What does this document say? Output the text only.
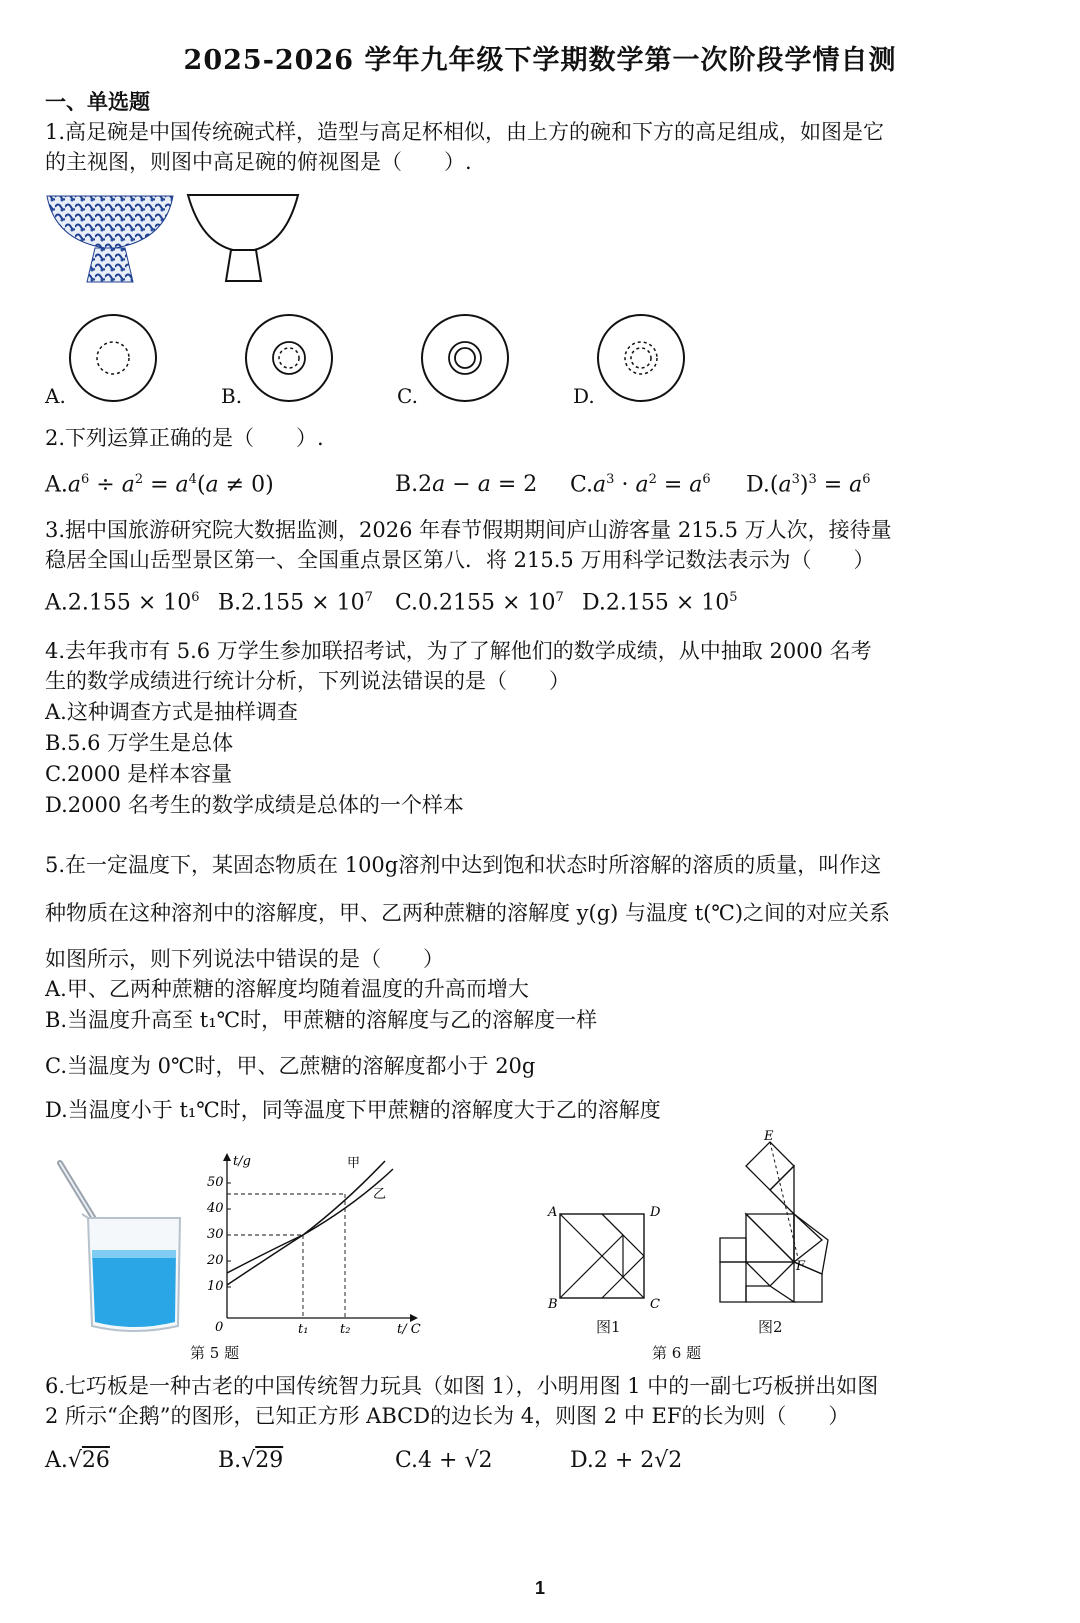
2025-2026 学年九年级下学期数学第一次阶段学情自测
一、单选题
1.高足碗是中国传统碗式样，造型与高足杯相似，由上方的碗和下方的高足组成，如图是它
的主视图，则图中高足碗的俯视图是（　　）.
A.	B.	C.	D.
2.下列运算正确的是（　　）.
$A.a^6 \div a^2 = a^4(a \ne 0)$	B.2a − a = 2 $C.a^3 \cdot a^2 = a^6$ $D.(a^3)^3 = a^6$
3.据中国旅游研究院大数据监测，2026 年春节假期期间庐山游客量 215.5 万人次，接待量
稳居全国山岳型景区第一、全国重点景区第八．将 215.5 万用科学记数法表示为（　　）
$A.2.155 \times 10^6$ $B.2.155 \times 10^7$ $C.0.2155 \times 10^7$ $D.2.155 \times 10^5$
4.去年我市有 5.6 万学生参加联招考试，为了了解他们的数学成绩，从中抽取 2000 名考
生的数学成绩进行统计分析，下列说法错误的是（　　）
A.这种调查方式是抽样调查
B.5.6 万学生是总体
C.2000 是样本容量
D.2000 名考生的数学成绩是总体的一个样本
5.在一定温度下，某固态物质在 100g溶剂中达到饱和状态时所溶解的溶质的质量，叫作这
种物质在这种溶剂中的溶解度，甲、乙两种蔗糖的溶解度 y(g) 与温度 t(℃)之间的对应关系
如图所示，则下列说法中错误的是（　　）
A.甲、乙两种蔗糖的溶解度均随着温度的升高而增大
B.当温度升高至 t₁℃时，甲蔗糖的溶解度与乙的溶解度一样
C.当温度为 0℃时，甲、乙蔗糖的溶解度都小于 20g
D.当温度小于 t₁℃时，同等温度下甲蔗糖的溶解度大于乙的溶解度
10
20
30
40
50
0
t/g
t/ C
t₁ t₂
甲
乙
第 5 题
A	D
B	C
图1
E
F
图2
第 6 题
6.七巧板是一种古老的中国传统智力玩具（如图 1），小明用图 1 中的一副七巧板拼出如图
2 所示“企鹅”的图形，已知正方形 ABCD的边长为 4，则图 2 中 EF的长为则（　　）
A.√26	B.√29	C.4 + √2	D.2 + 2√2
1
